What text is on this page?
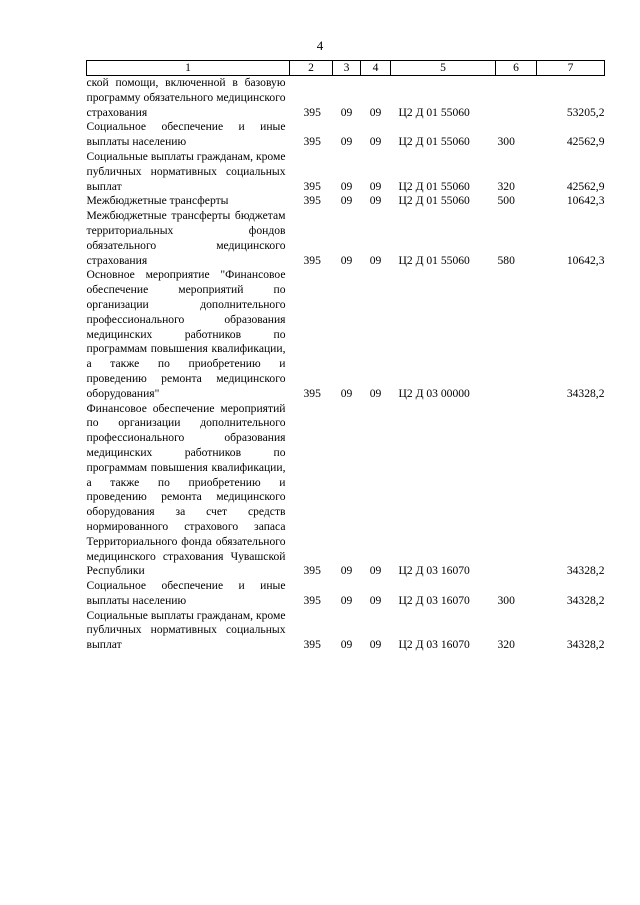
4
1	2	3	4	5	6	7
ской помощи, включенной в базовую программу обязательного медицинского страхования	395	09	09	Ц2 Д 01 55060		53205,2
Социальное обеспечение и иные выплаты населению	395	09	09	Ц2 Д 01 55060	300	42562,9
Социальные выплаты гражданам, кроме публичных нормативных социальных выплат	395	09	09	Ц2 Д 01 55060	320	42562,9
Межбюджетные трансферты	395	09	09	Ц2 Д 01 55060	500	10642,3
Межбюджетные трансферты бюджетам территориальных фондов обязательного медицинского страхования	395	09	09	Ц2 Д 01 55060	580	10642,3
Основное мероприятие "Финансовое обеспечение мероприятий по организации дополнительного профессионального образования медицинских работников по программам повышения квалификации, а также по приобретению и проведению ремонта медицинского оборудования"	395	09	09	Ц2 Д 03 00000		34328,2
Финансовое обеспечение мероприятий по организации дополнительного профессионального образования медицинских работников по программам повышения квалификации, а также по приобретению и проведению ремонта медицинского оборудования за счет средств нормированного страхового запаса Территориального фонда обязательного медицинского страхования Чувашской Республики	395	09	09	Ц2 Д 03 16070		34328,2
Социальное обеспечение и иные выплаты населению	395	09	09	Ц2 Д 03 16070	300	34328,2
Социальные выплаты гражданам, кроме публичных нормативных социальных выплат	395	09	09	Ц2 Д 03 16070	320	34328,2
